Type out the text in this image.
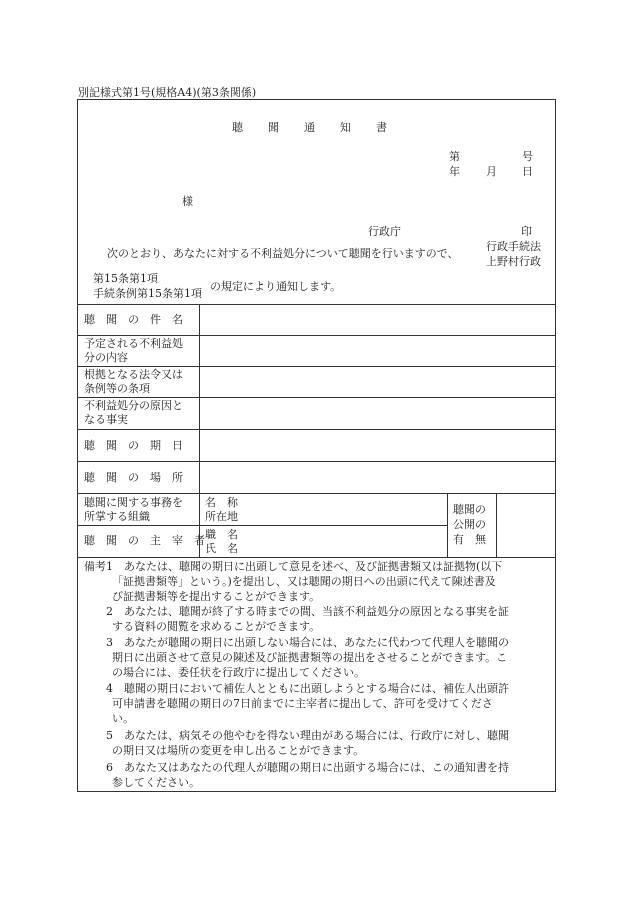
別記様式第1号(規格A4)(第3条関係)
聴 聞 通 知 書
第	号
年 月 日
様
行政庁	印
次のとおり、あなたに対する不利益処分について聴聞を行いますので、
行政手続法
上野村行政
第15条第1項
手続条例第15条第1項
の規定により通知します。
聴　聞　の　件　名
予定される不利益処
分の内容
根拠となる法令又は
条例等の条項
不利益処分の原因と
なる事実
聴　聞　の　期　日
聴　聞　の　場　所
聴聞に関する事務を
所掌する組織
名　称
所在地
聴　聞　の　主　宰　者 職　名
氏　名
聴聞の
公開の
有　無
備考1 あなたは、聴聞の期日に出頭して意見を述べ、及び証拠書類又は証拠物(以下
「証拠書類等」という。)を提出し、又は聴聞の期日への出頭に代えて陳述書及
び証拠書類等を提出することができます。
2　あなたは、聴聞が終了する時までの間、当該不利益処分の原因となる事実を証
する資料の閲覧を求めることができます。
3　あなたが聴聞の期日に出頭しない場合には、あなたに代わつて代理人を聴聞の
期日に出頭させて意見の陳述及び証拠書類等の提出をさせることができます。こ
の場合には、委任状を行政庁に提出してください。
4　聴聞の期日において補佐人とともに出頭しようとする場合には、補佐人出頭許
可申請書を聴聞の期日の7日前までに主宰者に提出して、許可を受けてくださ
い。
5　あなたは、病気その他やむを得ない理由がある場合には、行政庁に対し、聴聞
の期日又は場所の変更を申し出ることができます。
6　あなた又はあなたの代理人が聴聞の期日に出頭する場合には、この通知書を持
参してください。
